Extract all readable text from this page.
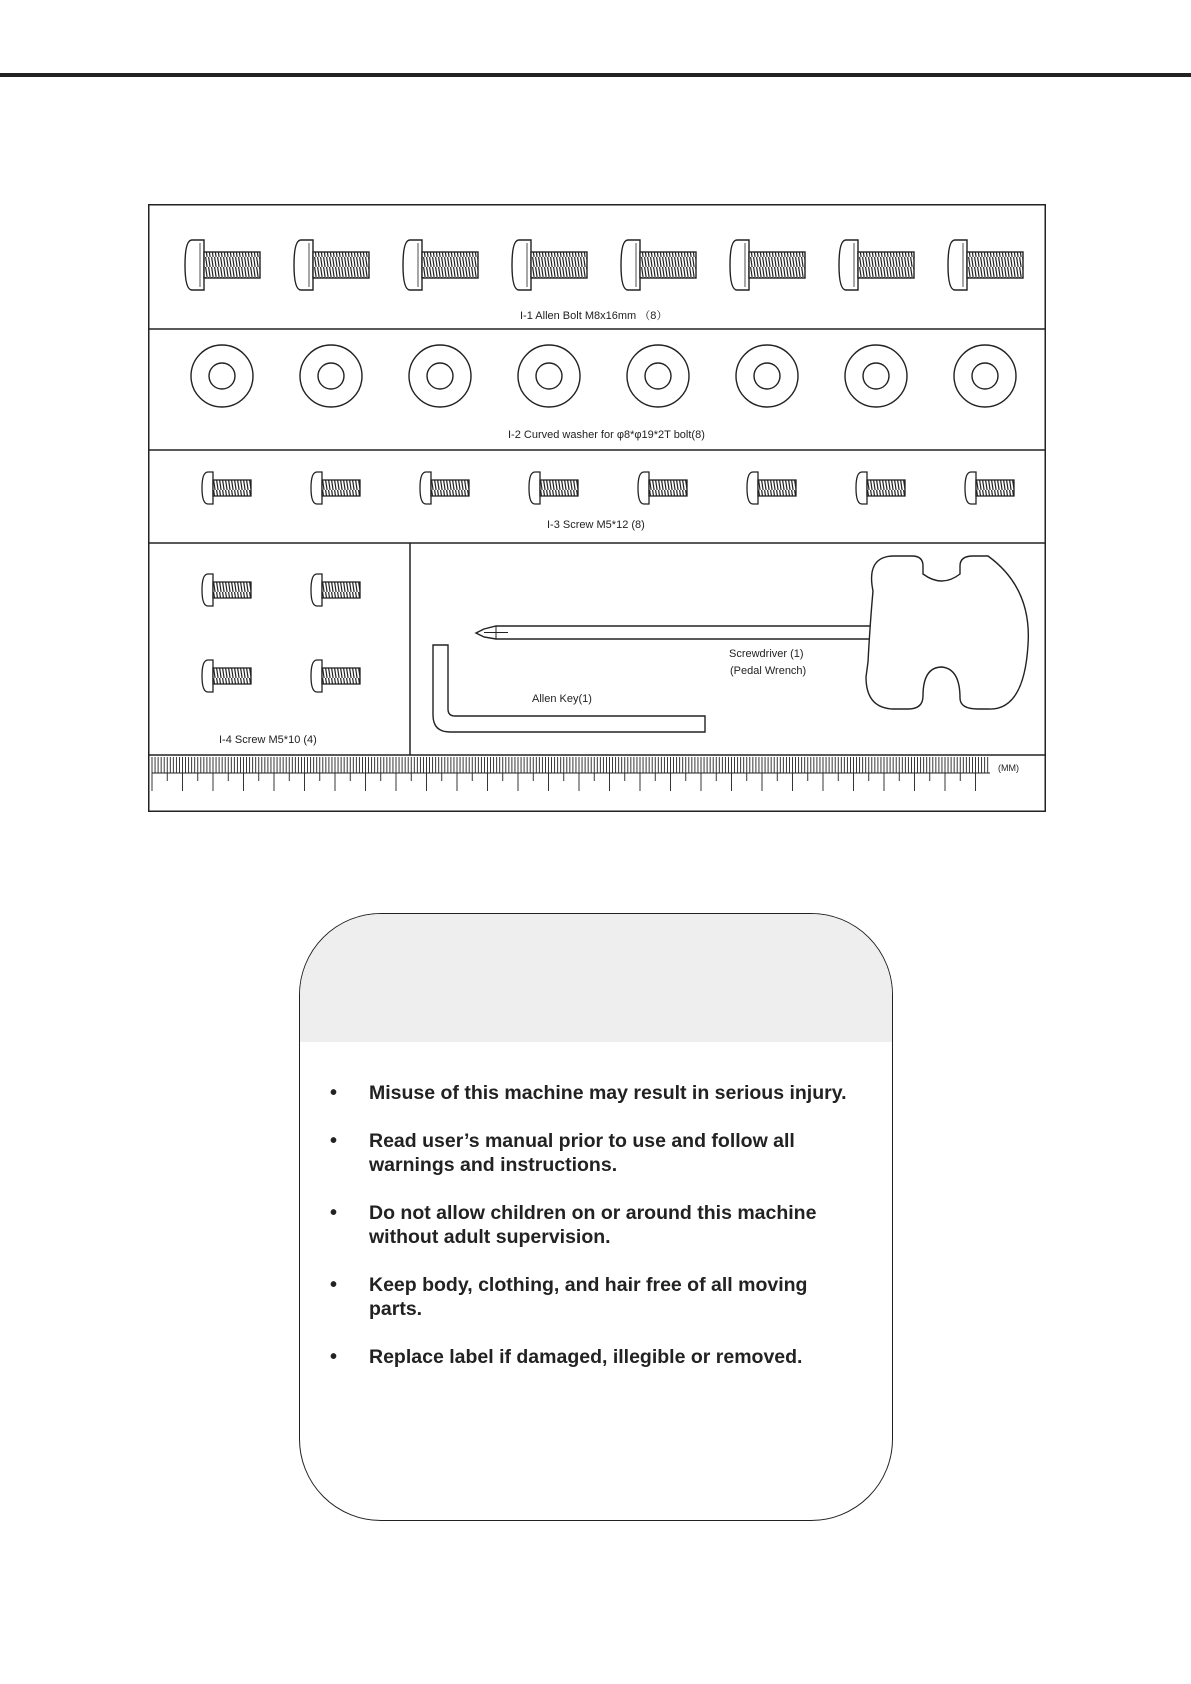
I-1 Allen Bolt M8x16mm （8）
I-2 Curved washer for φ8*φ19*2T bolt(8)
I-3 Screw M5*12 (8)
I-4 Screw M5*10 (4)
Screwdriver (1)
(Pedal Wrench)
Allen Key(1)
(MM)
• Misuse of this machine may result in serious injury.
• Read user’s manual prior to use and follow all warnings and instructions.
• Do not allow children on or around this machine without adult supervision.
• Keep body, clothing, and hair free of all moving parts.
• Replace label if damaged, illegible or removed.
